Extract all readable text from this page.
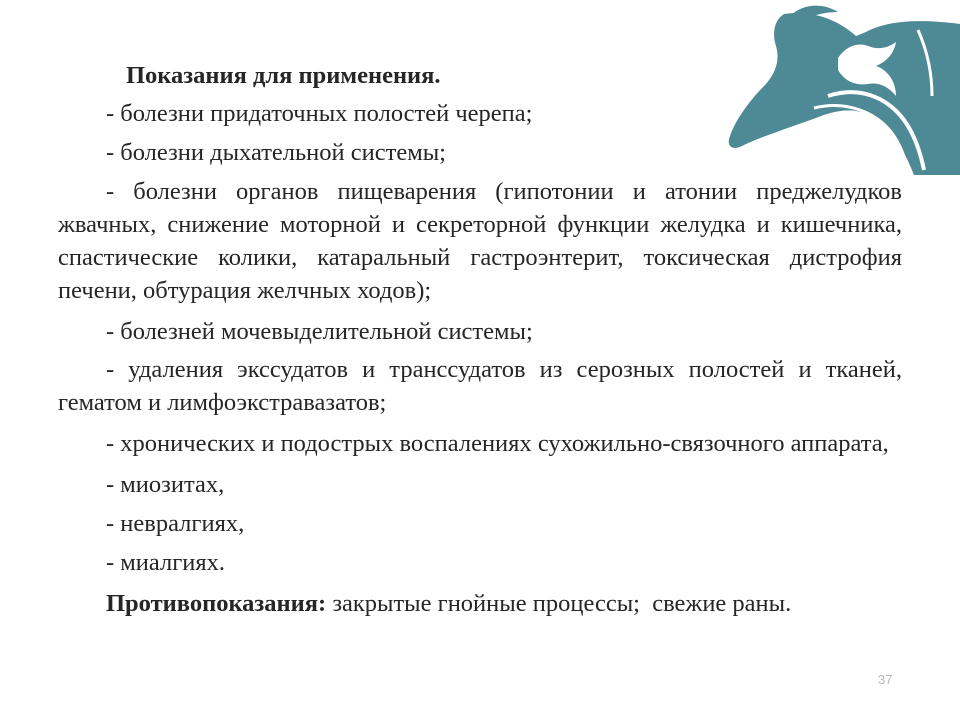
Показания для применения.

- болезни придаточных полостей черепа;

- болезни дыхательной системы;

- болезни органов пищеварения (гипотонии и атонии преджелудков жвачных, снижение моторной и секреторной функции желудка и кишечника, спастические колики, катаральный гастроэнтерит, токсическая дистрофия печени, обтурация желчных ходов);

- болезней мочевыделительной системы;

- удаления экссудатов и транссудатов из серозных полостей и тканей, гематом и лимфоэкстравазатов;

- хронических и подострых воспалениях сухожильно-связочного аппарата,

- миозитах,

- невралгиях,

- миалгиях.

Противопоказания: закрытые гнойные процессы;  свежие раны.

37
